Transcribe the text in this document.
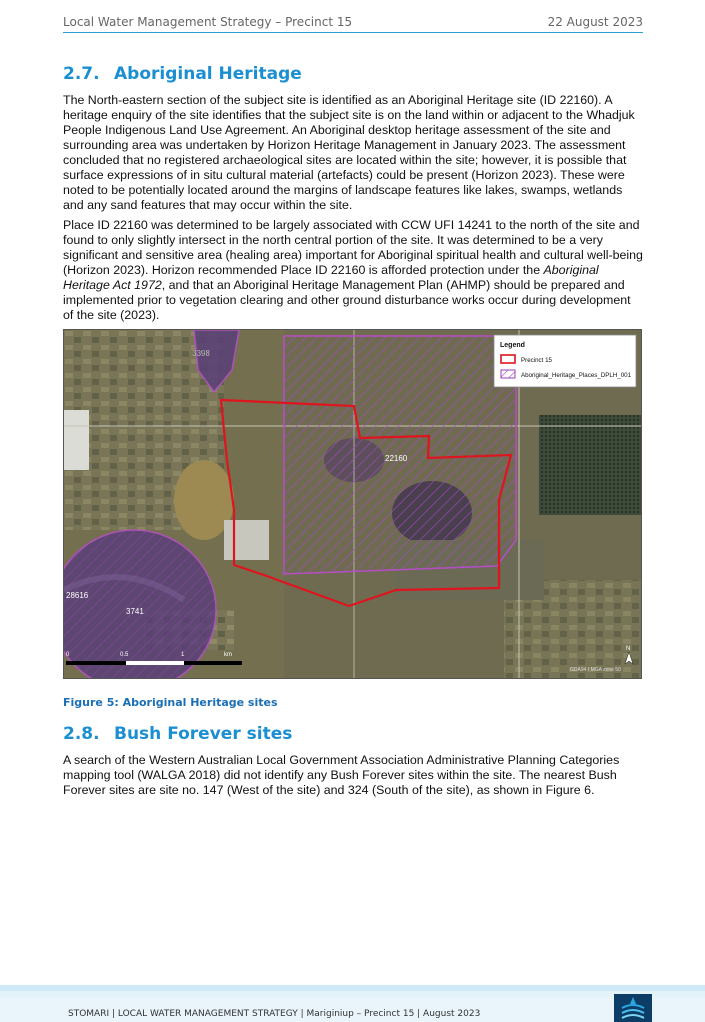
Local Water Management Strategy – Precinct 15	22 August 2023
2.7. Aboriginal Heritage

The North-eastern section of the subject site is identified as an Aboriginal Heritage site (ID 22160). A heritage enquiry of the site identifies that the subject site is on the land within or adjacent to the Whadjuk People Indigenous Land Use Agreement. An Aboriginal desktop heritage assessment of the site and surrounding area was undertaken by Horizon Heritage Management in January 2023. The assessment concluded that no registered archaeological sites are located within the site; however, it is possible that surface expressions of in situ cultural material (artefacts) could be present (Horizon 2023). These were noted to be potentially located around the margins of landscape features like lakes, swamps, wetlands and any sand features that may occur within the site.

Place ID 22160 was determined to be largely associated with CCW UFI 14241 to the north of the site and found to only slightly intersect in the north central portion of the site. It was determined to be a very significant and sensitive area (healing area) important for Aboriginal spiritual health and cultural well-being (Horizon 2023). Horizon recommended Place ID 22160 is afforded protection under the Aboriginal Heritage Act 1972, and that an Aboriginal Heritage Management Plan (AHMP) should be prepared and implemented prior to vegetation clearing and other ground disturbance works occur during development of the site (2023).

3398
22160
28616
3741
Legend
Precinct 15
Aboriginal_Heritage_Places_DPLH_001
0	0.5	1	km
GDA94 / MGA zone 50
N
Figure 5: Aboriginal Heritage sites
2.8. Bush Forever sites

A search of the Western Australian Local Government Association Administrative Planning Categories mapping tool (WALGA 2018) did not identify any Bush Forever sites within the site. The nearest Bush Forever sites are site no. 147 (West of the site) and 324 (South of the site), as shown in Figure 6.

STOMARI | LOCAL WATER MANAGEMENT STRATEGY | Mariginiup – Precinct 15 | August 2023
